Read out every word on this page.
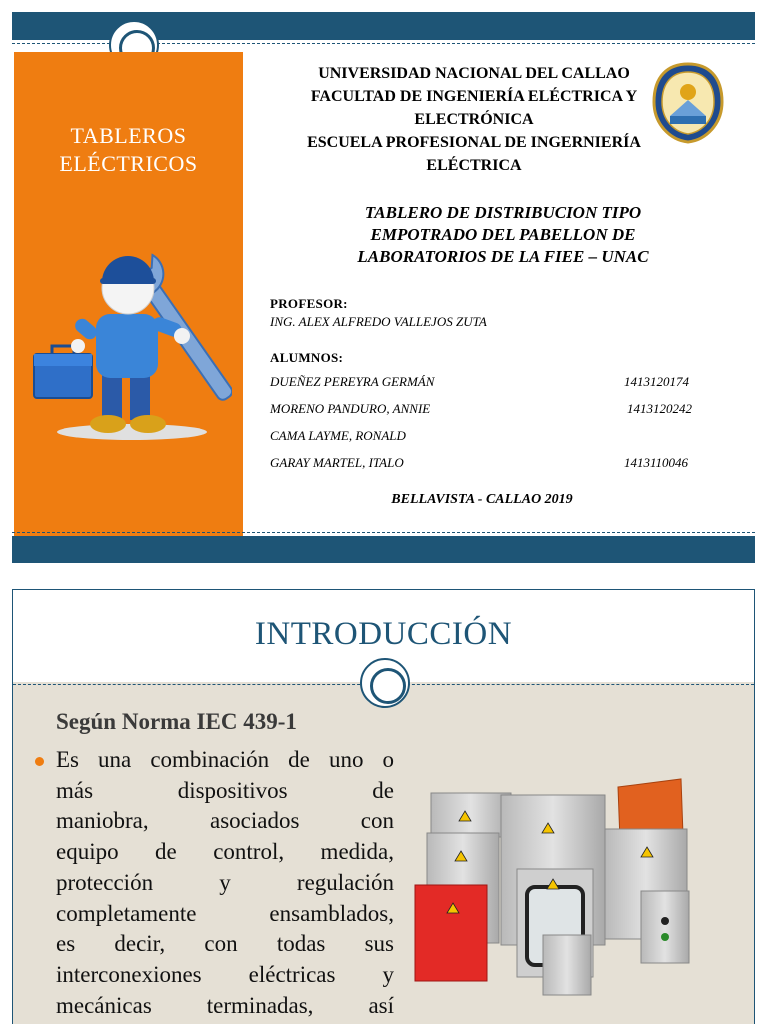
TABLEROS
ELÉCTRICOS
UNIVERSIDAD NACIONAL DEL CALLAO
FACULTAD DE INGENIERÍA ELÉCTRICA Y
ELECTRÓNICA
ESCUELA PROFESIONAL DE INGERNIERÍA
ELÉCTRICA
TABLERO DE DISTRIBUCION TIPO
EMPOTRADO DEL PABELLON DE
LABORATORIOS DE LA FIEE – UNAC
PROFESOR:
ING. ALEX ALFREDO VALLEJOS ZUTA
ALUMNOS:
DUEÑEZ PEREYRA GERMÁN	1413120174
MORENO PANDURO, ANNIE	1413120242
CAMA LAYME, RONALD
GARAY MARTEL, ITALO	1413110046
BELLAVISTA - CALLAO 2019
INTRODUCCIÓN
Según Norma IEC 439-1
Es una combinación de uno o
más dispositivos de
maniobra, asociados con
equipo de control, medida,
protección y regulación
completamente ensamblados,
es decir, con todas sus
interconexiones eléctricas y
mecánicas terminadas, así
